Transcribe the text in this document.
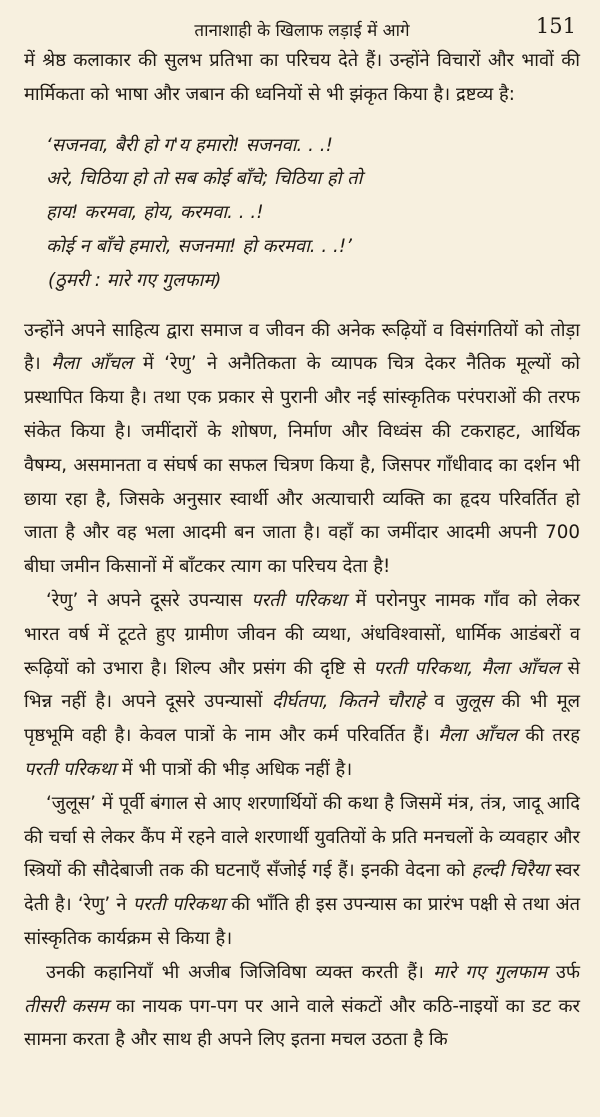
तानाशाही के खिलाफ लड़ाई में आगे	151

में श्रेष्ठ कलाकार की सुलभ प्रतिभा का परिचय देते हैं। उन्होंने विचारों और भावों की मार्मिकता को भाषा और जबान की ध्वनियों से भी झंकृत किया है। द्रष्टव्य है:

‘सजनवा, बैरी हो ग'य हमारो! सजनवा. . .!
अरे, चिठिया हो तो सब कोई बाँचे; चिठिया हो तो
हाय! करमवा, होय, करमवा. . .!
कोई न बाँचे हमारो, सजनमा! हो करमवा. . .!’
(ठुमरी : मारे गए गुलफाम)

उन्होंने अपने साहित्य द्वारा समाज व जीवन की अनेक रूढ़ियों व विसंगतियों को तोड़ा है। मैला आँचल में ‘रेणु’ ने अनैतिकता के व्यापक चित्र देकर नैतिक मूल्यों को प्रस्थापित किया है। तथा एक प्रकार से पुरानी और नई सांस्कृतिक परंपराओं की तरफ संकेत किया है। जमींदारों के शोषण, निर्माण और विध्वंस की टकराहट, आर्थिक वैषम्य, असमानता व संघर्ष का सफल चित्रण किया है, जिसपर गाँधीवाद का दर्शन भी छाया रहा है, जिसके अनुसार स्वार्थी और अत्याचारी व्यक्ति का हृदय परिवर्तित हो जाता है और वह भला आदमी बन जाता है। वहाँ का जमींदार आदमी अपनी 700 बीघा जमीन किसानों में बाँटकर त्याग का परिचय देता है!

‘रेणु’ ने अपने दूसरे उपन्यास परती परिकथा में परोनपुर नामक गाँव को लेकर भारत वर्ष में टूटते हुए ग्रामीण जीवन की व्यथा, अंधविश्वासों, धार्मिक आडंबरों व रूढ़ियों को उभारा है। शिल्प और प्रसंग की दृष्टि से परती परिकथा, मैला आँचल से भिन्न नहीं है। अपने दूसरे उपन्यासों दीर्घतपा, कितने चौराहे व जुलूस की भी मूल पृष्ठभूमि वही है। केवल पात्रों के नाम और कर्म परिवर्तित हैं। मैला आँचल की तरह परती परिकथा में भी पात्रों की भीड़ अधिक नहीं है।

‘जुलूस’ में पूर्वी बंगाल से आए शरणार्थियों की कथा है जिसमें मंत्र, तंत्र, जादू आदि की चर्चा से लेकर कैंप में रहने वाले शरणार्थी युवतियों के प्रति मनचलों के व्यवहार और स्त्रियों की सौदेबाजी तक की घटनाएँ सँजोई गई हैं। इनकी वेदना को हल्दी चिरैया स्वर देती है। ‘रेणु’ ने परती परिकथा की भाँति ही इस उपन्यास का प्रारंभ पक्षी से तथा अंत सांस्कृतिक कार्यक्रम से किया है।

उनकी कहानियाँ भी अजीब जिजिविषा व्यक्त करती हैं। मारे गए गुलफाम उर्फ तीसरी कसम का नायक पग-पग पर आने वाले संकटों और कठि-नाइयों का डट कर सामना करता है और साथ ही अपने लिए इतना मचल उठता है कि
